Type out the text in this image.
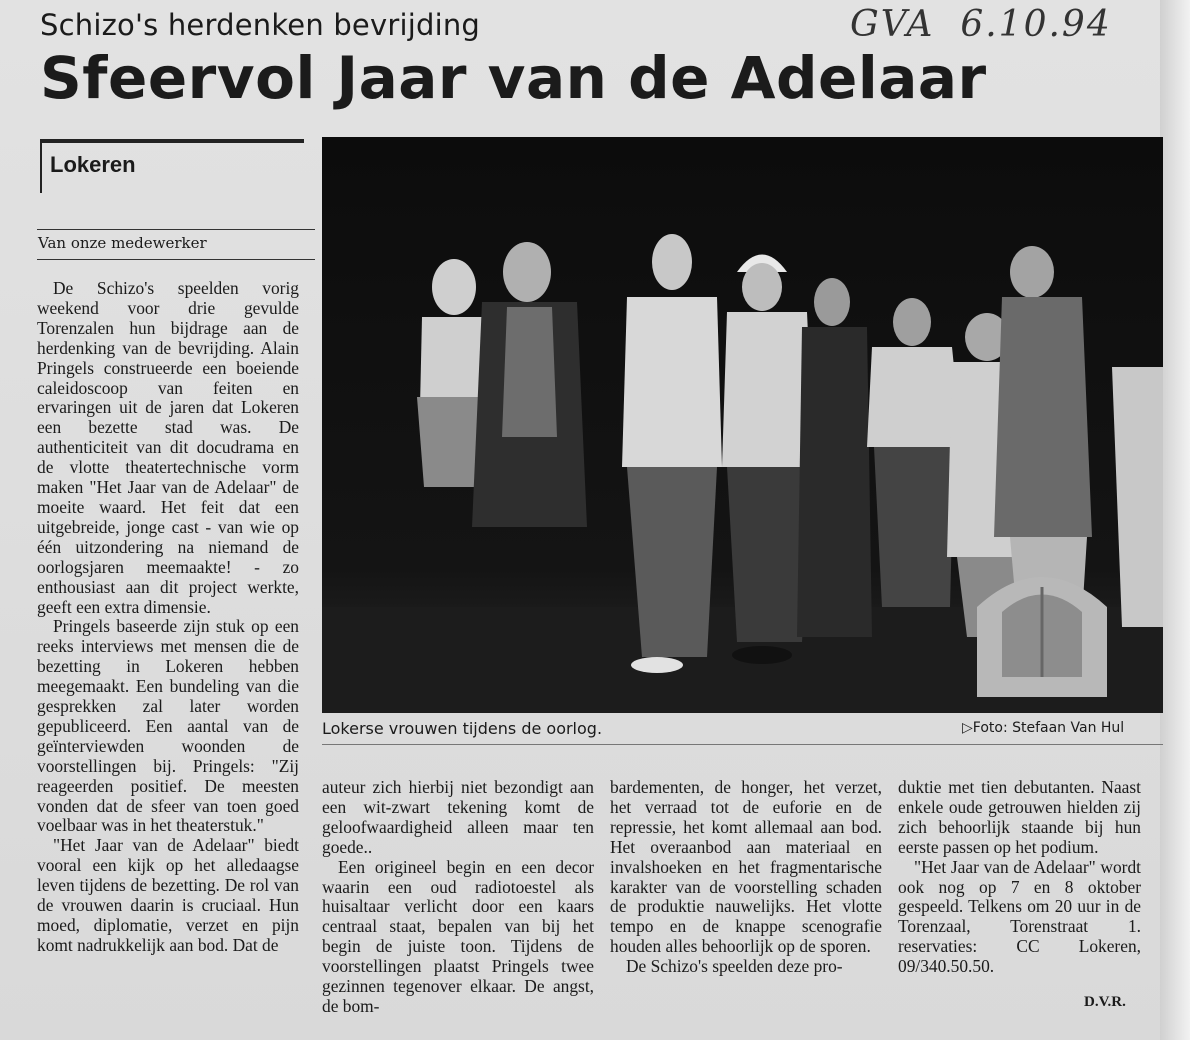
Schizo's herdenken bevrijding
Sfeervol Jaar van de Adelaar
GVA 6.10.94
Lokeren
Van onze medewerker

De Schizo's speelden vorig weekend voor drie gevulde Torenzalen hun bijdrage aan de herdenking van de bevrijding. Alain Pringels construeerde een boeiende caleidoscoop van feiten en ervaringen uit de jaren dat Lokeren een bezette stad was. De authenticiteit van dit docudrama en de vlotte theatertechnische vorm maken "Het Jaar van de Adelaar" de moeite waard. Het feit dat een uitgebreide, jonge cast - van wie op één uitzondering na niemand de oorlogsjaren meemaakte! - zo enthousiast aan dit project werkte, geeft een extra dimensie.

Pringels baseerde zijn stuk op een reeks interviews met mensen die de bezetting in Lokeren hebben meegemaakt. Een bundeling van die gesprekken zal later worden gepubliceerd. Een aantal van de geïnterviewden woonden de voorstellingen bij. Pringels: "Zij reageerden positief. De meesten vonden dat de sfeer van toen goed voelbaar was in het theaterstuk."

"Het Jaar van de Adelaar" biedt vooral een kijk op het alledaagse leven tijdens de bezetting. De rol van de vrouwen daarin is cruciaal. Hun moed, diplomatie, verzet en pijn komt nadrukkelijk aan bod. Dat de

Lokerse vrouwen tijdens de oorlog.	▷Foto: Stefaan Van Hul

auteur zich hierbij niet bezondigt aan een wit-zwart tekening komt de geloofwaardigheid alleen maar ten goede..

Een origineel begin en een decor waarin een oud radiotoestel als huisaltaar verlicht door een kaars centraal staat, bepalen van bij het begin de juiste toon. Tijdens de voorstellingen plaatst Pringels twee gezinnen tegenover elkaar. De angst, de bom-

bardementen, de honger, het verzet, het verraad tot de euforie en de repressie, het komt allemaal aan bod. Het overaanbod aan materiaal en invalshoeken en het fragmentarische karakter van de voorstelling schaden de produktie nauwelijks. Het vlotte tempo en de knappe scenografie houden alles behoorlijk op de sporen.

De Schizo's speelden deze pro-

duktie met tien debutanten. Naast enkele oude getrouwen hielden zij zich behoorlijk staande bij hun eerste passen op het podium.

"Het Jaar van de Adelaar" wordt ook nog op 7 en 8 oktober gespeeld. Telkens om 20 uur in de Torenzaal, Torenstraat 1. reservaties: CC Lokeren, 09/340.50.50.

D.V.R.
